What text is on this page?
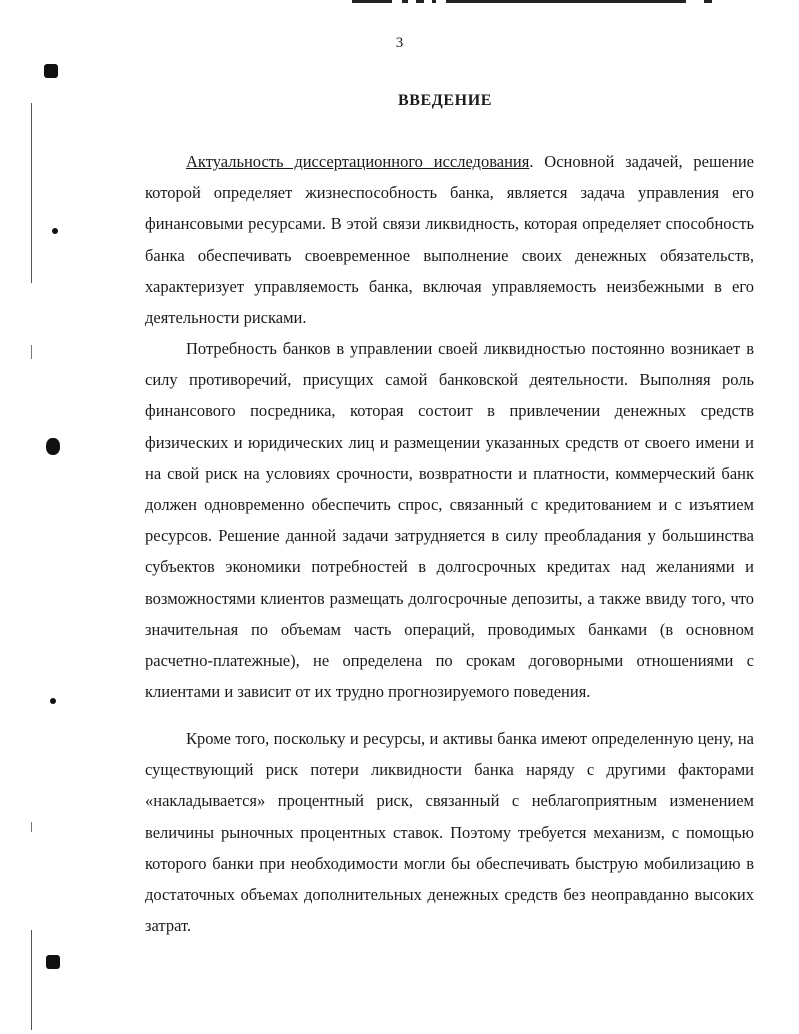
3
ВВЕДЕНИЕ

Актуальность диссертационного исследования. Основной задачей, решение которой определяет жизнеспособность банка, является задача управления его финансовыми ресурсами. В этой связи ликвидность, которая определяет способность банка обеспечивать своевременное выполнение своих денежных обязательств, характеризует управляемость банка, включая управляемость неизбежными в его деятельности рисками.

Потребность банков в управлении своей ликвидностью постоянно возникает в силу противоречий, присущих самой банковской деятельности. Выполняя роль финансового посредника, которая состоит в привлечении денежных средств физических и юридических лиц и размещении указанных средств от своего имени и на свой риск на условиях срочности, возвратности и платности, коммерческий банк должен одновременно обеспечить спрос, связанный с кредитованием и с изъятием ресурсов. Решение данной задачи затрудняется в силу преобладания у большинства субъектов экономики потребностей в долгосрочных кредитах над желаниями и возможностями клиентов размещать долгосрочные депозиты, а также ввиду того, что значительная по объемам часть операций, проводимых банками (в основном расчетно-платежные), не определена по срокам договорными отношениями с клиентами и зависит от их трудно прогнозируемого поведения.

Кроме того, поскольку и ресурсы, и активы банка имеют определенную цену, на существующий риск потери ликвидности банка наряду с другими факторами «накладывается» процентный риск, связанный с неблагоприятным изменением величины рыночных процентных ставок. Поэтому требуется механизм, с помощью которого банки при необходимости могли бы обеспечивать быструю мобилизацию в достаточных объемах дополнительных денежных средств без неоправданно высоких затрат.
